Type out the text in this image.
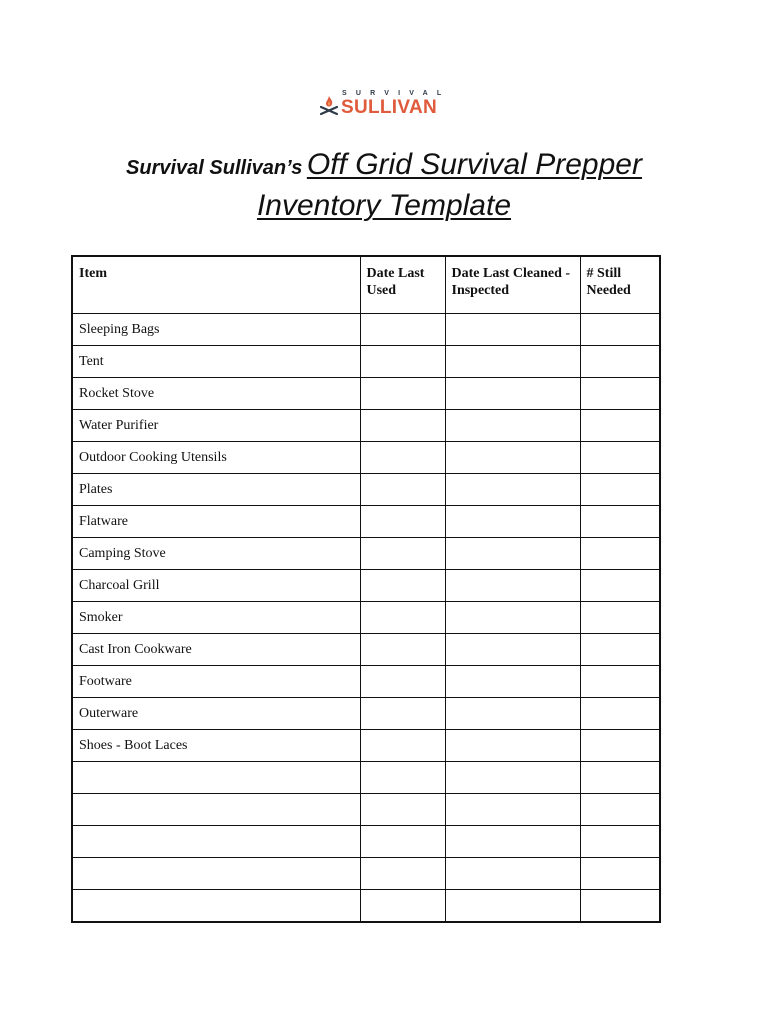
SURVIVAL
SULLIVAN
Survival Sullivan’s Off Grid Survival Prepper
Inventory Template
Item	Date Last Used	Date Last Cleaned - Inspected	# Still Needed
Sleeping Bags			
Tent			
Rocket Stove			
Water Purifier			
Outdoor Cooking Utensils			
Plates			
Flatware			
Camping Stove			
Charcoal Grill			
Smoker			
Cast Iron Cookware			
Footware			
Outerware			
Shoes - Boot Laces			
